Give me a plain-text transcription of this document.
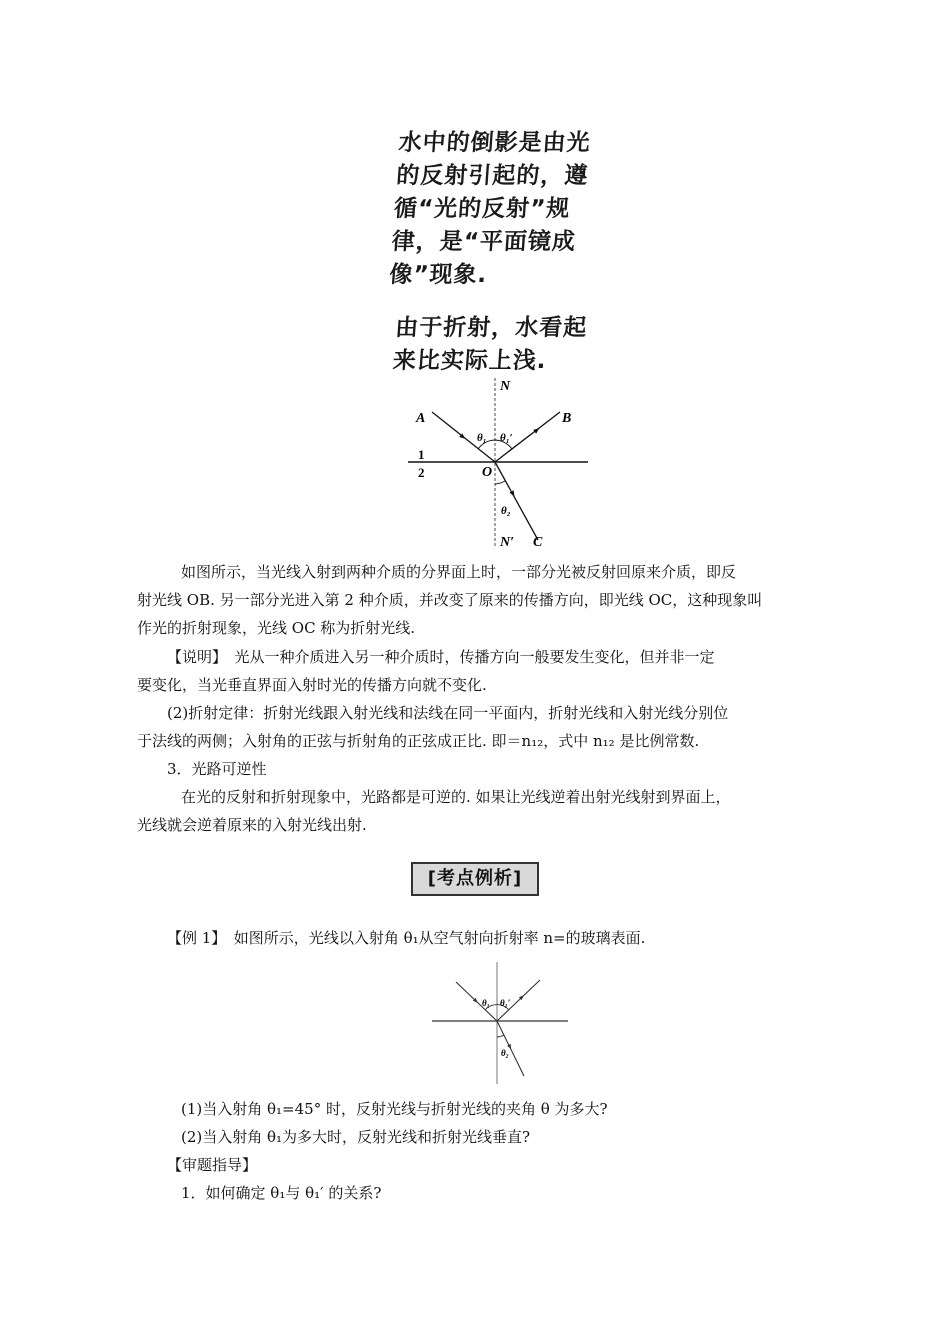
水中的倒影是由光
的反射引起的，遵
循“光的反射”规
律，是“平面镜成
像”现象.
由于折射，水看起
来比实际上浅.
N
A	B
θ₁ θ₁′
1
2	O
θ₂
N′ C
如图所示，当光线入射到两种介质的分界面上时，一部分光被反射回原来介质，即反
射光线 OB. 另一部分光进入第 2 种介质，并改变了原来的传播方向，即光线 OC，这种现象叫
作光的折射现象，光线 OC 称为折射光线.
【说明】　光从一种介质进入另一种介质时，传播方向一般要发生变化，但并非一定
要变化，当光垂直界面入射时光的传播方向就不变化.
(2)折射定律：折射光线跟入射光线和法线在同一平面内，折射光线和入射光线分别位
于法线的两侧；入射角的正弦与折射角的正弦成正比. 即＝n₁₂，式中 n₁₂ 是比例常数.
3．光路可逆性
在光的反射和折射现象中，光路都是可逆的. 如果让光线逆着出射光线射到界面上，
光线就会逆着原来的入射光线出射.
[考点例析]
【例 1】　如图所示，光线以入射角 θ₁从空气射向折射率 n=的玻璃表面.
θ₁ θ₁′
θ₂
(1)当入射角 θ₁=45° 时，反射光线与折射光线的夹角 θ 为多大?
(2)当入射角 θ₁为多大时，反射光线和折射光线垂直?
【审题指导】
1．如何确定 θ₁与 θ₁′ 的关系?
